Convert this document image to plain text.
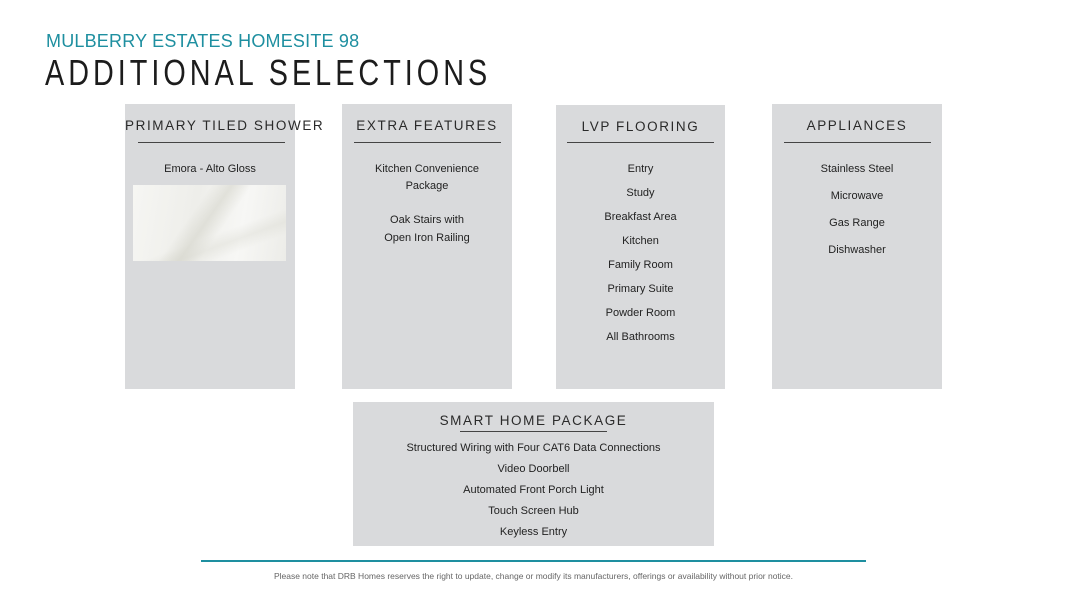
MULBERRY ESTATES HOMESITE 98
ADDITIONAL SELECTIONS
PRIMARY TILED SHOWER
Emora - Alto Gloss
EXTRA FEATURES
Kitchen Convenience
Package
Oak Stairs with
Open Iron Railing
LVP FLOORING
Entry
Study
Breakfast Area
Kitchen
Family Room
Primary Suite
Powder Room
All Bathrooms
APPLIANCES
Stainless Steel
Microwave
Gas Range
Dishwasher
SMART HOME PACKAGE
Structured Wiring with Four CAT6 Data Connections
Video Doorbell
Automated Front Porch Light
Touch Screen Hub
Keyless Entry
Please note that DRB Homes reserves the right to update, change or modify its manufacturers, offerings or availability without prior notice.
